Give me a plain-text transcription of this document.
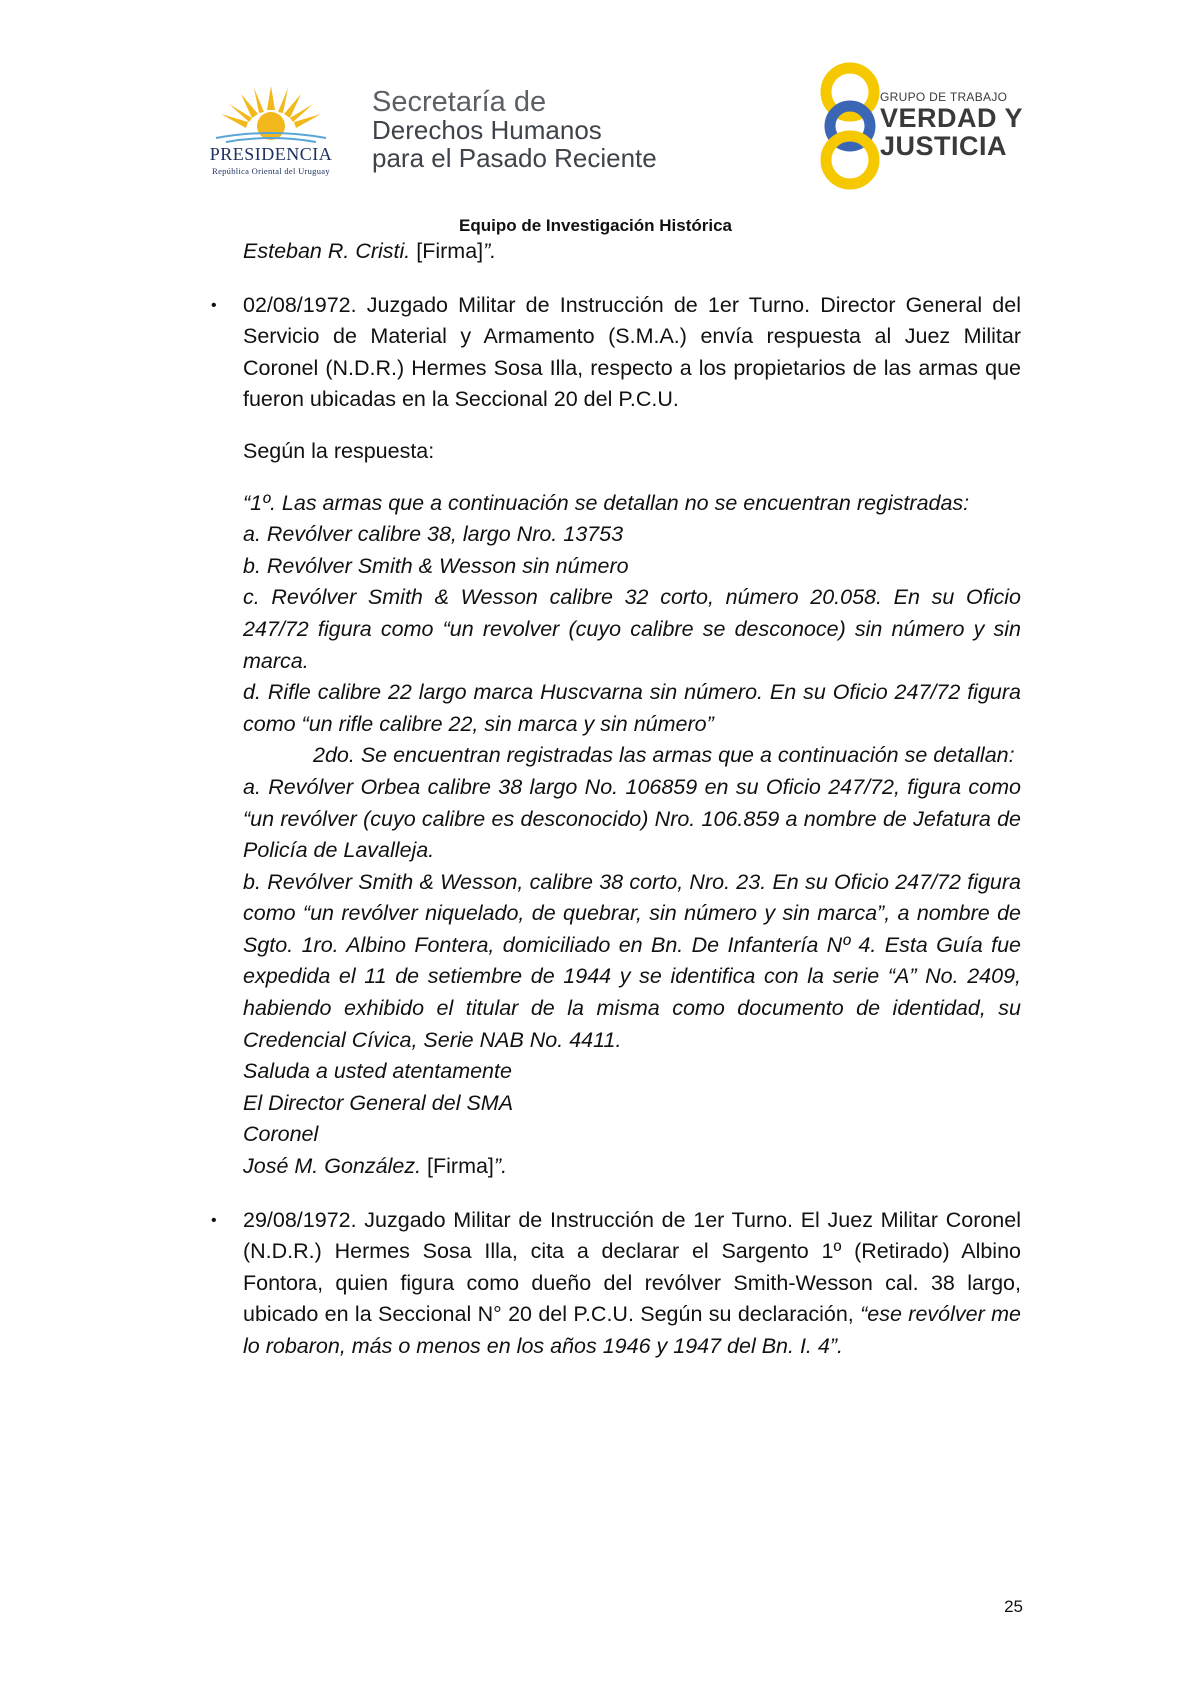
PRESIDENCIA
República Oriental del Uruguay
Secretaría de
Derechos Humanos
para el Pasado Reciente
GRUPO DE TRABAJO
VERDAD Y
JUSTICIA
Equipo de Investigación Histórica

Esteban R. Cristi. [Firma]”.

• 02/08/1972. Juzgado Militar de Instrucción de 1er Turno. Director General del Servicio de Material y Armamento (S.M.A.) envía respuesta al Juez Militar Coronel (N.D.R.) Hermes Sosa Illa, respecto a los propietarios de las armas que fueron ubicadas en la Seccional 20 del P.C.U.

Según la respuesta:

“1º. Las armas que a continuación se detallan no se encuentran registradas:

a. Revólver calibre 38, largo Nro. 13753

b. Revólver Smith & Wesson sin número

c. Revólver Smith & Wesson calibre 32 corto, número 20.058. En su Oficio 247/72 figura como “un revolver (cuyo calibre se desconoce) sin número y sin marca.

d. Rifle calibre 22 largo marca Huscvarna sin número. En su Oficio 247/72 figura como “un rifle calibre 22, sin marca y sin número”

2do. Se encuentran registradas las armas que a continuación se detallan:

a. Revólver Orbea calibre 38 largo No. 106859 en su Oficio 247/72, figura como “un revólver (cuyo calibre es desconocido) Nro. 106.859 a nombre de Jefatura de Policía de Lavalleja.

b. Revólver Smith & Wesson, calibre 38 corto, Nro. 23. En su Oficio 247/72 figura como “un revólver niquelado, de quebrar, sin número y sin marca”, a nombre de Sgto. 1ro. Albino Fontera, domiciliado en Bn. De Infantería Nº 4. Esta Guía fue expedida el 11 de setiembre de 1944 y se identifica con la serie “A” No. 2409, habiendo exhibido el titular de la misma como documento de identidad, su Credencial Cívica, Serie NAB No. 4411.

Saluda a usted atentamente

El Director General del SMA

Coronel

José M. González. [Firma]”.

• 29/08/1972. Juzgado Militar de Instrucción de 1er Turno. El Juez Militar Coronel (N.D.R.) Hermes Sosa Illa, cita a declarar el Sargento 1º (Retirado) Albino Fontora, quien figura como dueño del revólver Smith-Wesson cal. 38 largo, ubicado en la Seccional N° 20 del P.C.U. Según su declaración, “ese revólver me lo robaron, más o menos en los años 1946 y 1947 del Bn. I. 4”.

25
